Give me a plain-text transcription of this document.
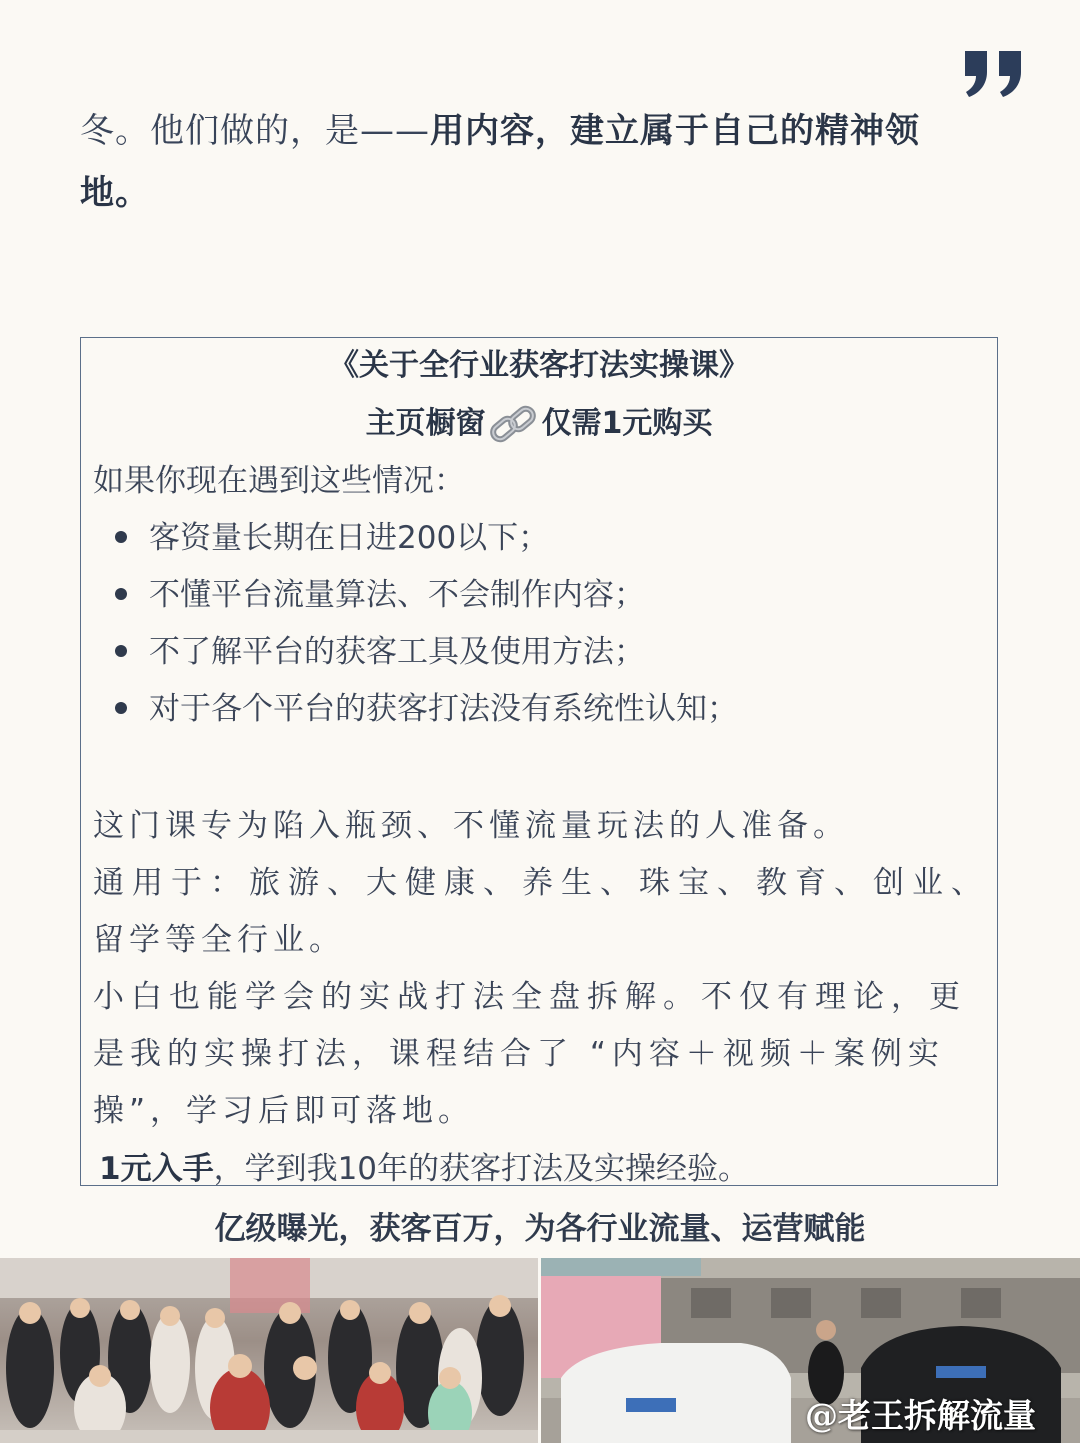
冬。他们做的，是——用内容，建立属于自己的精神领
地。
《关于全行业获客打法实操课》
主页橱窗 仅需1元购买
如果你现在遇到这些情况：
客资量长期在日进200以下；
不懂平台流量算法、不会制作内容；
不了解平台的获客工具及使用方法；
对于各个平台的获客打法没有系统性认知；
这门课专为陷入瓶颈、不懂流量玩法的人准备。
通用于：旅游、大健康、养生、珠宝、教育、创业、
留学等全行业。
小白也能学会的实战打法全盘拆解。不仅有理论，更
是我的实操打法，课程结合了 “内容＋视频＋案例实
操”，学习后即可落地。
1元入手，学到我10年的获客打法及实操经验。
亿级曝光，获客百万，为各行业流量、运营赋能
@老王拆解流量
